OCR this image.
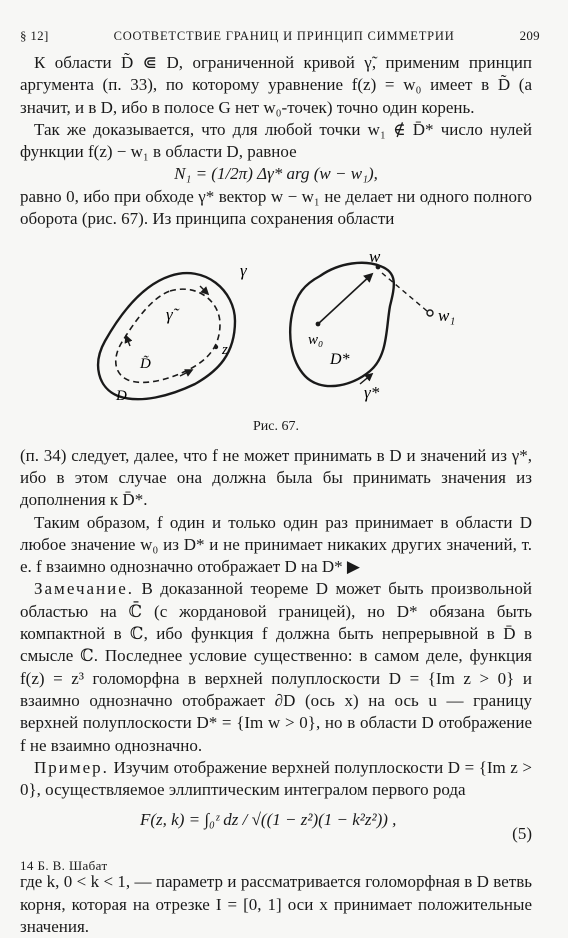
§ 12]	СООТВЕТСТВИЕ ГРАНИЦ И ПРИНЦИП СИММЕТРИИ	209

К области D̃ ⋐ D, ограниченной кривой γ̃, применим принцип аргумента (п. 33), по которому уравнение f(z) = w₀ имеет в D̃ (а значит, и в D, ибо в полосе G нет w₀-точек) точно один корень.

Так же доказывается, что для любой точки w₁ ∉ D̄* число нулей функции f(z) − w₁ в области D, равное

N₁ = (1/2π) Δγ* arg (w − w₁),

равно 0, ибо при обходе γ* вектор w − w₁ не делает ни одного полного оборота (рис. 67). Из принципа сохранения области

γ
γ̃
D̃
D
z
w
w₀
w₁
D*
γ*
Рис. 67.

(п. 34) следует, далее, что f не может принимать в D и значений из γ*, ибо в этом случае она должна была бы принимать значения из дополнения к D̄*.

Таким образом, f один и только один раз принимает в области D любое значение w₀ из D* и не принимает никаких других значений, т. е. f взаимно однозначно отображает D на D* ▶

Замечание. В доказанной теореме D может быть произвольной областью на ℂ̄ (с жордановой границей), но D* обязана быть компактной в ℂ, ибо функция f должна быть непрерывной в D̄ в смысле ℂ. Последнее условие существенно: в самом деле, функция f(z) = z³ голоморфна в верхней полуплоскости D = {Im z > 0} и взаимно однозначно отображает ∂D (ось x) на ось u — границу верхней полуплоскости D* = {Im w > 0}, но в области D отображение f не взаимно однозначно.

Пример. Изучим отображение верхней полуплоскости D = {Im z > 0}, осуществляемое эллиптическим интегралом первого рода

F(z, k) = ∫₀ᶻ dz / √((1 − z²)(1 − k²z²)) ,
(5)

где k, 0 < k < 1, — параметр и рассматривается голоморфная в D ветвь корня, которая на отрезке I = [0, 1] оси x принимает положительные значения.

14 Б. В. Шабат
